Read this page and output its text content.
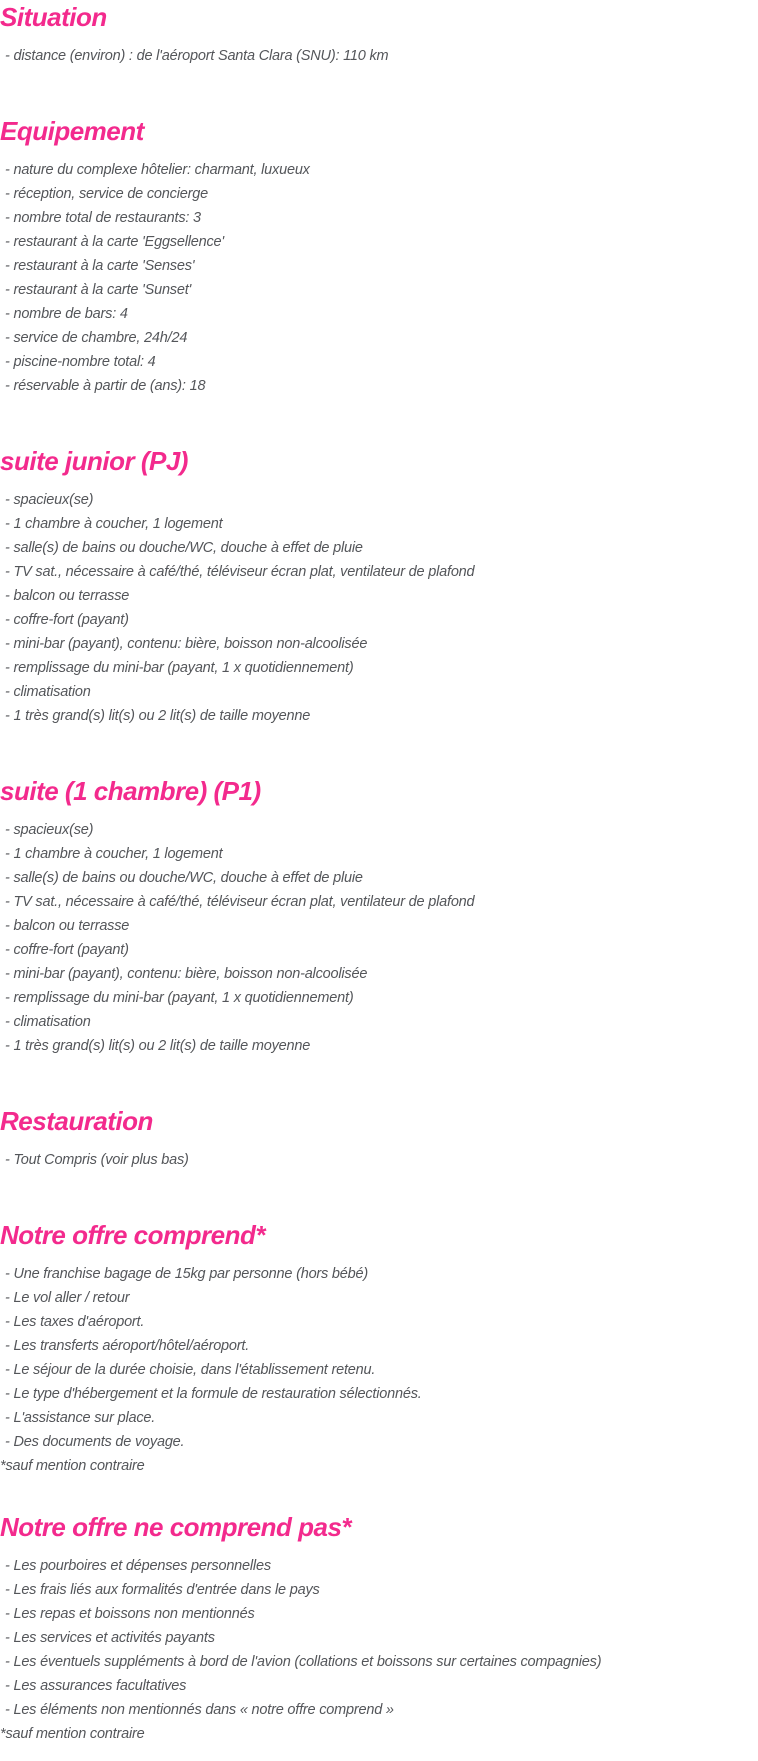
Situation
- distance (environ) : de l'aéroport Santa Clara (SNU): 110 km
Equipement
- nature du complexe hôtelier: charmant, luxueux
- réception, service de concierge
- nombre total de restaurants: 3
- restaurant à la carte 'Eggsellence'
- restaurant à la carte 'Senses'
- restaurant à la carte 'Sunset'
- nombre de bars: 4
- service de chambre, 24h/24
- piscine-nombre total: 4
- réservable à partir de (ans): 18
suite junior (PJ)
- spacieux(se)
- 1 chambre à coucher, 1 logement
- salle(s) de bains ou douche/WC, douche à effet de pluie
- TV sat., nécessaire à café/thé, téléviseur écran plat, ventilateur de plafond
- balcon ou terrasse
- coffre-fort (payant)
- mini-bar (payant), contenu: bière, boisson non-alcoolisée
- remplissage du mini-bar (payant, 1 x quotidiennement)
- climatisation
- 1 très grand(s) lit(s) ou 2 lit(s) de taille moyenne
suite (1 chambre) (P1)
- spacieux(se)
- 1 chambre à coucher, 1 logement
- salle(s) de bains ou douche/WC, douche à effet de pluie
- TV sat., nécessaire à café/thé, téléviseur écran plat, ventilateur de plafond
- balcon ou terrasse
- coffre-fort (payant)
- mini-bar (payant), contenu: bière, boisson non-alcoolisée
- remplissage du mini-bar (payant, 1 x quotidiennement)
- climatisation
- 1 très grand(s) lit(s) ou 2 lit(s) de taille moyenne
Restauration
- Tout Compris (voir plus bas)
Notre offre comprend*
- Une franchise bagage de 15kg par personne (hors bébé)
- Le vol aller / retour
- Les taxes d'aéroport.
- Les transferts aéroport/hôtel/aéroport.
- Le séjour de la durée choisie, dans l'établissement retenu.
- Le type d'hébergement et la formule de restauration sélectionnés.
- L'assistance sur place.
- Des documents de voyage.

*sauf mention contraire

Notre offre ne comprend pas*
- Les pourboires et dépenses personnelles
- Les frais liés aux formalités d'entrée dans le pays
- Les repas et boissons non mentionnés
- Les services et activités payants
- Les éventuels suppléments à bord de l'avion (collations et boissons sur certaines compagnies)
- Les assurances facultatives
- Les éléments non mentionnés dans « notre offre comprend »

*sauf mention contraire
